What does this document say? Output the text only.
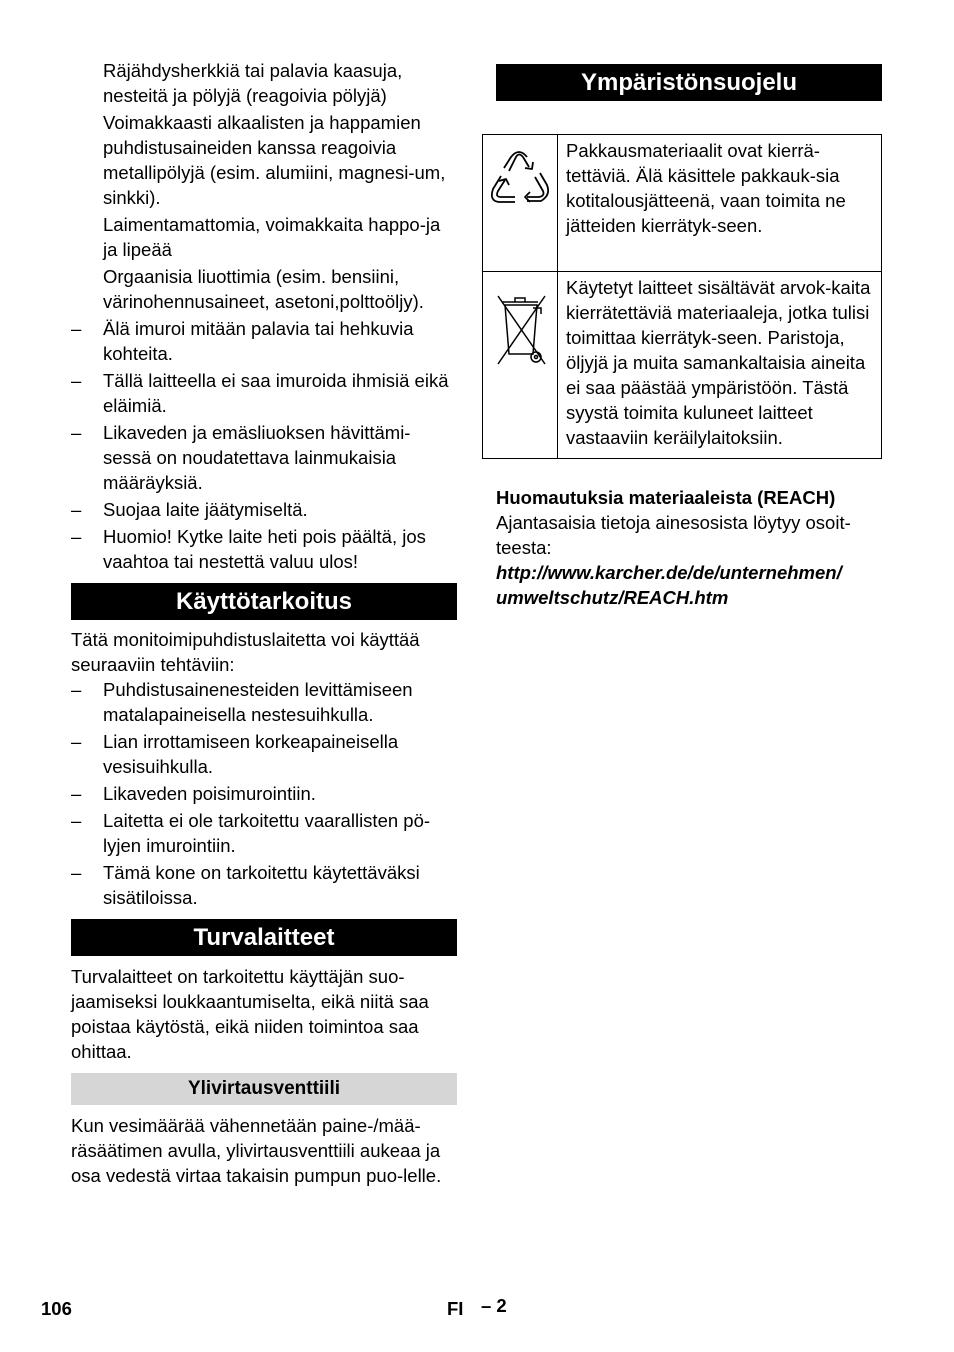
Räjähdysherkkiä tai palavia kaasuja, nesteitä ja pölyjä (reagoivia pölyjä)

Voimakkaasti alkaalisten ja happamien puhdistusaineiden kanssa reagoivia metallipölyjä (esim. alumiini, magnesi-um, sinkki).

Laimentamattomia, voimakkaita happo-ja ja lipeää

Orgaanisia liuottimia (esim. bensiini, värinohennusaineet, asetoni,polttoöljy).

– Älä imuroi mitään palavia tai hehkuvia kohteita.

– Tällä laitteella ei saa imuroida ihmisiä eikä eläimiä.

– Likaveden ja emäsliuoksen hävittämi-sessä on noudatettava lainmukaisia määräyksiä.

– Suojaa laite jäätymiseltä.

– Huomio! Kytke laite heti pois päältä, jos vaahtoa tai nestettä valuu ulos!

Käyttötarkoitus

Tätä monitoimipuhdistuslaitetta voi käyttää seuraaviin tehtäviin:

– Puhdistusainenesteiden levittämiseen matalapaineisella nestesuihkulla.

– Lian irrottamiseen korkeapaineisella vesisuihkulla.

– Likaveden poisimurointiin.

– Laitetta ei ole tarkoitettu vaarallisten pö-lyjen imurointiin.

– Tämä kone on tarkoitettu käytettäväksi sisätiloissa.

Turvalaitteet

Turvalaitteet on tarkoitettu käyttäjän suo-jaamiseksi loukkaantumiselta, eikä niitä saa poistaa käytöstä, eikä niiden toimintoa saa ohittaa.

Ylivirtausventtiili

Kun vesimäärää vähennetään paine-/mää-räsäätimen avulla, ylivirtausventtiili aukeaa ja osa vedestä virtaa takaisin pumpun puo-lelle.

Ympäristönsuojelu
	Pakkausmateriaalit ovat kierrä-tettäviä. Älä käsittele pakkauk-sia kotitalousjätteenä, vaan toimita ne jätteiden kierrätyk-seen.

	Käytetyt laitteet sisältävät arvok-kaita kierrätettäviä materiaaleja, jotka tulisi toimittaa kierrätyk-seen. Paristoja, öljyjä ja muita samankaltaisia aineita ei saa päästää ympäristöön. Tästä syystä toimita kuluneet laitteet vastaaviin keräilylaitoksiin.

Huomautuksia materiaaleista (REACH)

Ajantasaisia tietoja ainesosista löytyy osoit-teesta:

http://www.karcher.de/de/unternehmen/ umweltschutz/REACH.htm

106	FI – 2
